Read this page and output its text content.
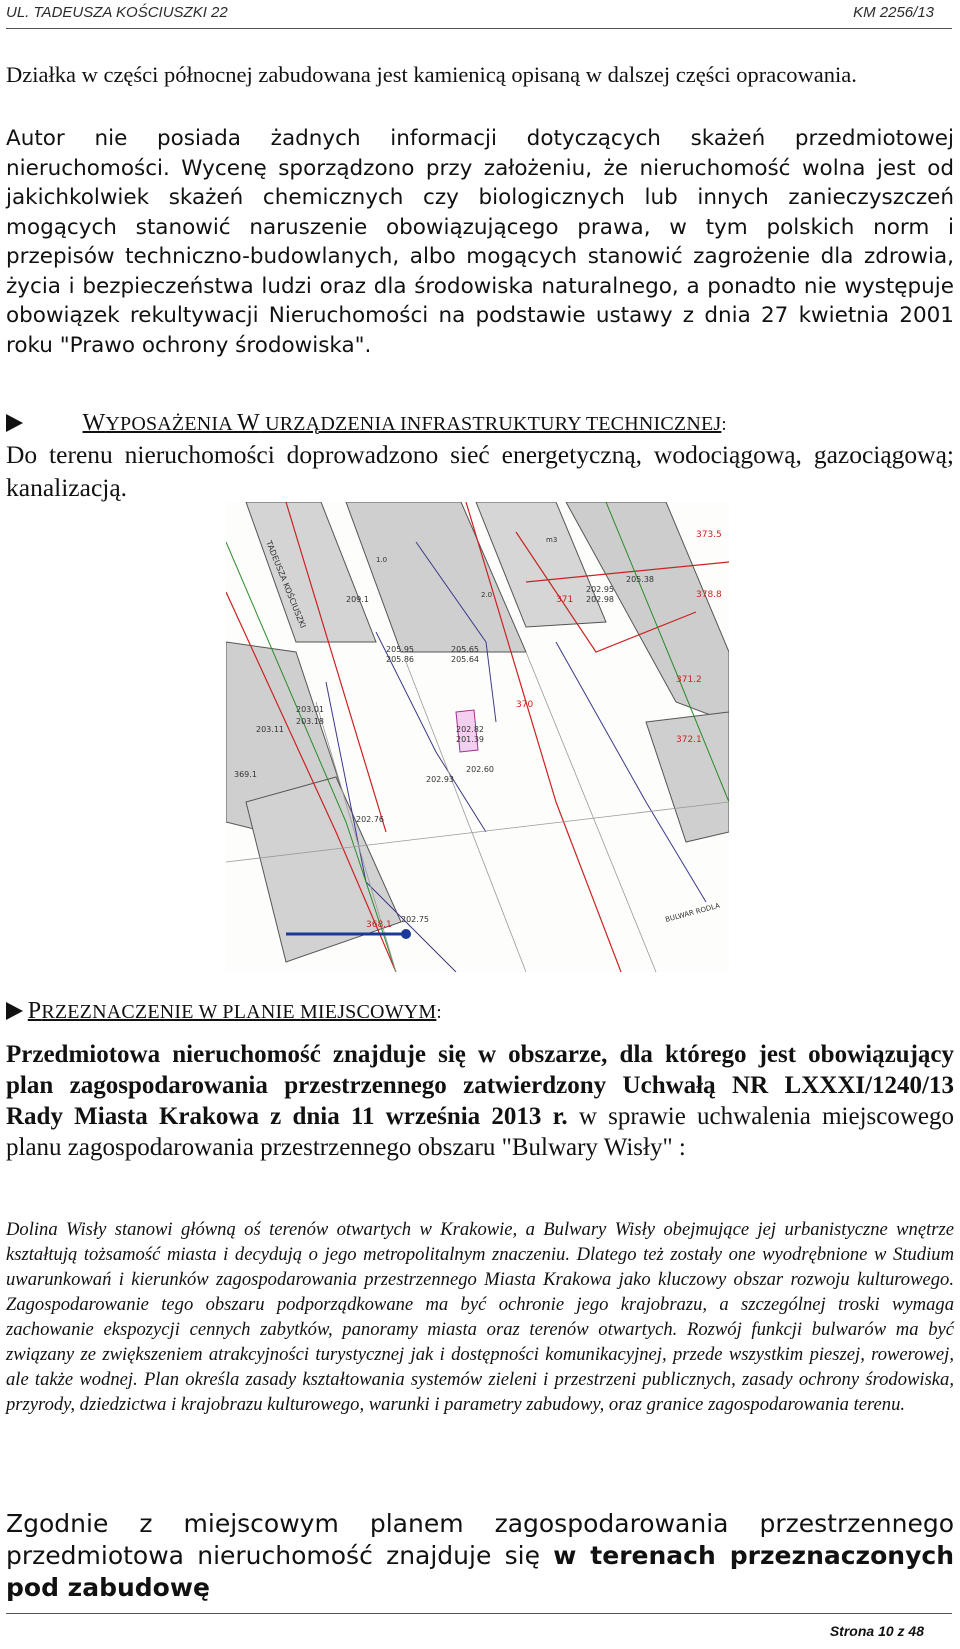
UL. TADEUSZA KOŚCIUSZKI 22	KM 2256/13
Działka w części północnej zabudowana jest kamienicą opisaną w dalszej części opracowania.
Autor nie posiada żadnych informacji dotyczących skażeń przedmiotowej nieruchomości. Wycenę sporządzono przy założeniu, że nieruchomość wolna jest od jakichkolwiek skażeń chemicznych czy biologicznych lub innych zanieczyszczeń mogących stanowić naruszenie obowiązującego prawa, w tym polskich norm i przepisów techniczno-budowlanych, albo mogących stanowić zagrożenie dla zdrowia, życia i bezpieczeństwa ludzi oraz dla środowiska naturalnego, a ponadto nie występuje obowiązek rekultywacji Nieruchomości na podstawie ustawy z dnia 27 kwietnia 2001 roku "Prawo ochrony środowiska".
WYPOSAŻENIA W URZĄDZENIA INFRASTRUKTURY TECHNICZNEJ:
Do terenu nieruchomości doprowadzono sieć energetyczną, wodociągową, gazociągową; kanalizacją.
TADEUSZA KOŚCIUSZKI
203.01
203.18
203.11
369.1
209.1
205.65
205.64
205.95
205.86
202.82
201.39
202.76
202.93
202.60
202.95
202.98
205.38
202.75
370
371
371.2
372.1
373.5
378.8
368.1
BULWAR RODLA
m3
2.0
1.0
PRZEZNACZENIE W PLANIE MIEJSCOWYM:
Przedmiotowa nieruchomość znajduje się w obszarze, dla którego jest obowiązujący plan zagospodarowania przestrzennego zatwierdzony Uchwałą NR LXXXI/1240/13 Rady Miasta Krakowa z dnia 11 września 2013 r. w sprawie uchwalenia miejscowego planu zagospodarowania przestrzennego obszaru "Bulwary Wisły" :
Dolina Wisły stanowi główną oś terenów otwartych w Krakowie, a Bulwary Wisły obejmujące jej urbanistyczne wnętrze kształtują tożsamość miasta i decydują o jego metropolitalnym znaczeniu. Dlatego też zostały one wyodrębnione w Studium uwarunkowań i kierunków zagospodarowania przestrzennego Miasta Krakowa jako kluczowy obszar rozwoju kulturowego. Zagospodarowanie tego obszaru podporządkowane ma być ochronie jego krajobrazu, a szczególnej troski wymaga zachowanie ekspozycji cennych zabytków, panoramy miasta oraz terenów otwartych. Rozwój funkcji bulwarów ma być związany ze zwiększeniem atrakcyjności turystycznej jak i dostępności komunikacyjnej, przede wszystkim pieszej, rowerowej, ale także wodnej. Plan określa zasady kształtowania systemów zieleni i przestrzeni publicznych, zasady ochrony środowiska, przyrody, dziedzictwa i krajobrazu kulturowego, warunki i parametry zabudowy, oraz granice zagospodarowania terenu.
Zgodnie z miejscowym planem zagospodarowania przestrzennego przedmiotowa nieruchomość znajduje się w terenach przeznaczonych pod zabudowę
Strona 10 z 48
